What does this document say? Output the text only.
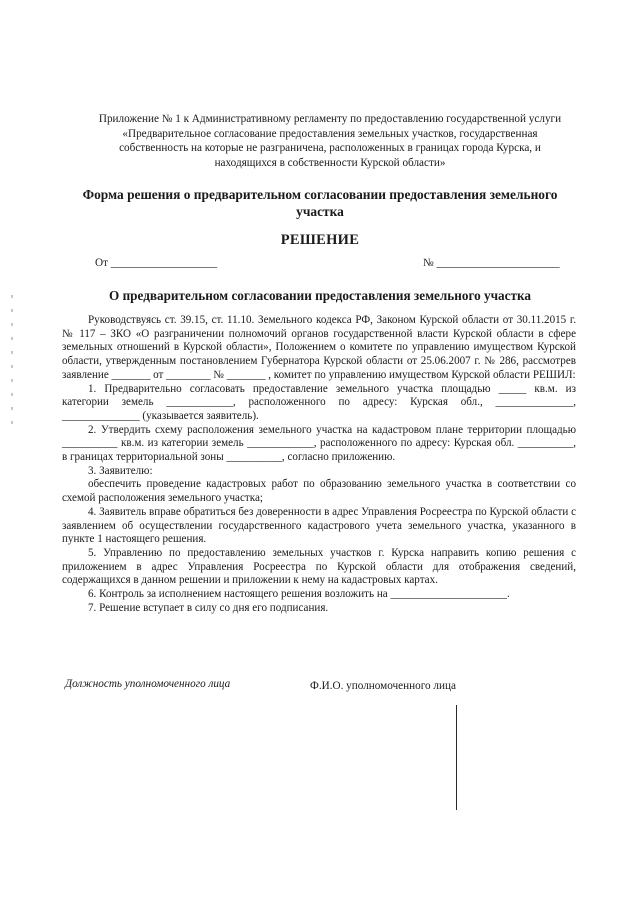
Приложение № 1 к Административному регламенту по предоставлению государственной услуги
«Предварительное согласование предоставления земельных участков, государственная
собственность на которые не разграничена, расположенных в границах города Курска, и
находящихся в собственности Курской области»
Форма решения о предварительном согласовании предоставления земельного участка
РЕШЕНИЕ
От ___________________	№ ______________________
О предварительном согласовании предоставления земельного участка

Руководствуясь ст. 39.15, ст. 11.10. Земельного кодекса РФ, Законом Курской области от 30.11.2015 г. № 117 – ЗКО «О разграничении полномочий органов государственной власти Курской области в сфере земельных отношений в Курской области», Положением о комитете по управлению имуществом Курской области, утвержденным постановлением Губернатора Курской области от 25.06.2007 г. № 286, рассмотрев заявление _______ от ________ № _______ , комитет по управлению имуществом Курской области РЕШИЛ:

1. Предварительно согласовать предоставление земельного участка площадью _____ кв.м. из категории земель ____________, расположенного по адресу: Курская обл., ______________, ______________ (указывается заявитель).

2. Утвердить схему расположения земельного участка на кадастровом плане территории площадью __________ кв.м. из категории земель ____________, расположенного по адресу: Курская обл. __________, в границах территориальной зоны __________, согласно приложению.

3. Заявителю:

обеспечить проведение кадастровых работ по образованию земельного участка в соответствии со схемой расположения земельного участка;

4. Заявитель вправе обратиться без доверенности в адрес Управления Росреестра по Курской области с заявлением об осуществлении государственного кадастрового учета земельного участка, указанного в пункте 1 настоящего решения.

5. Управлению по предоставлению земельных участков г. Курска направить копию решения с приложением в адрес Управления Росреестра по Курской области для отображения сведений, содержащихся в данном решении и приложении к нему на кадастровых картах.

6. Контроль за исполнением настоящего решения возложить на _____________________.

7. Решение вступает в силу со дня его подписания.

Должность уполномоченного лица	Ф.И.О. уполномоченного лица
